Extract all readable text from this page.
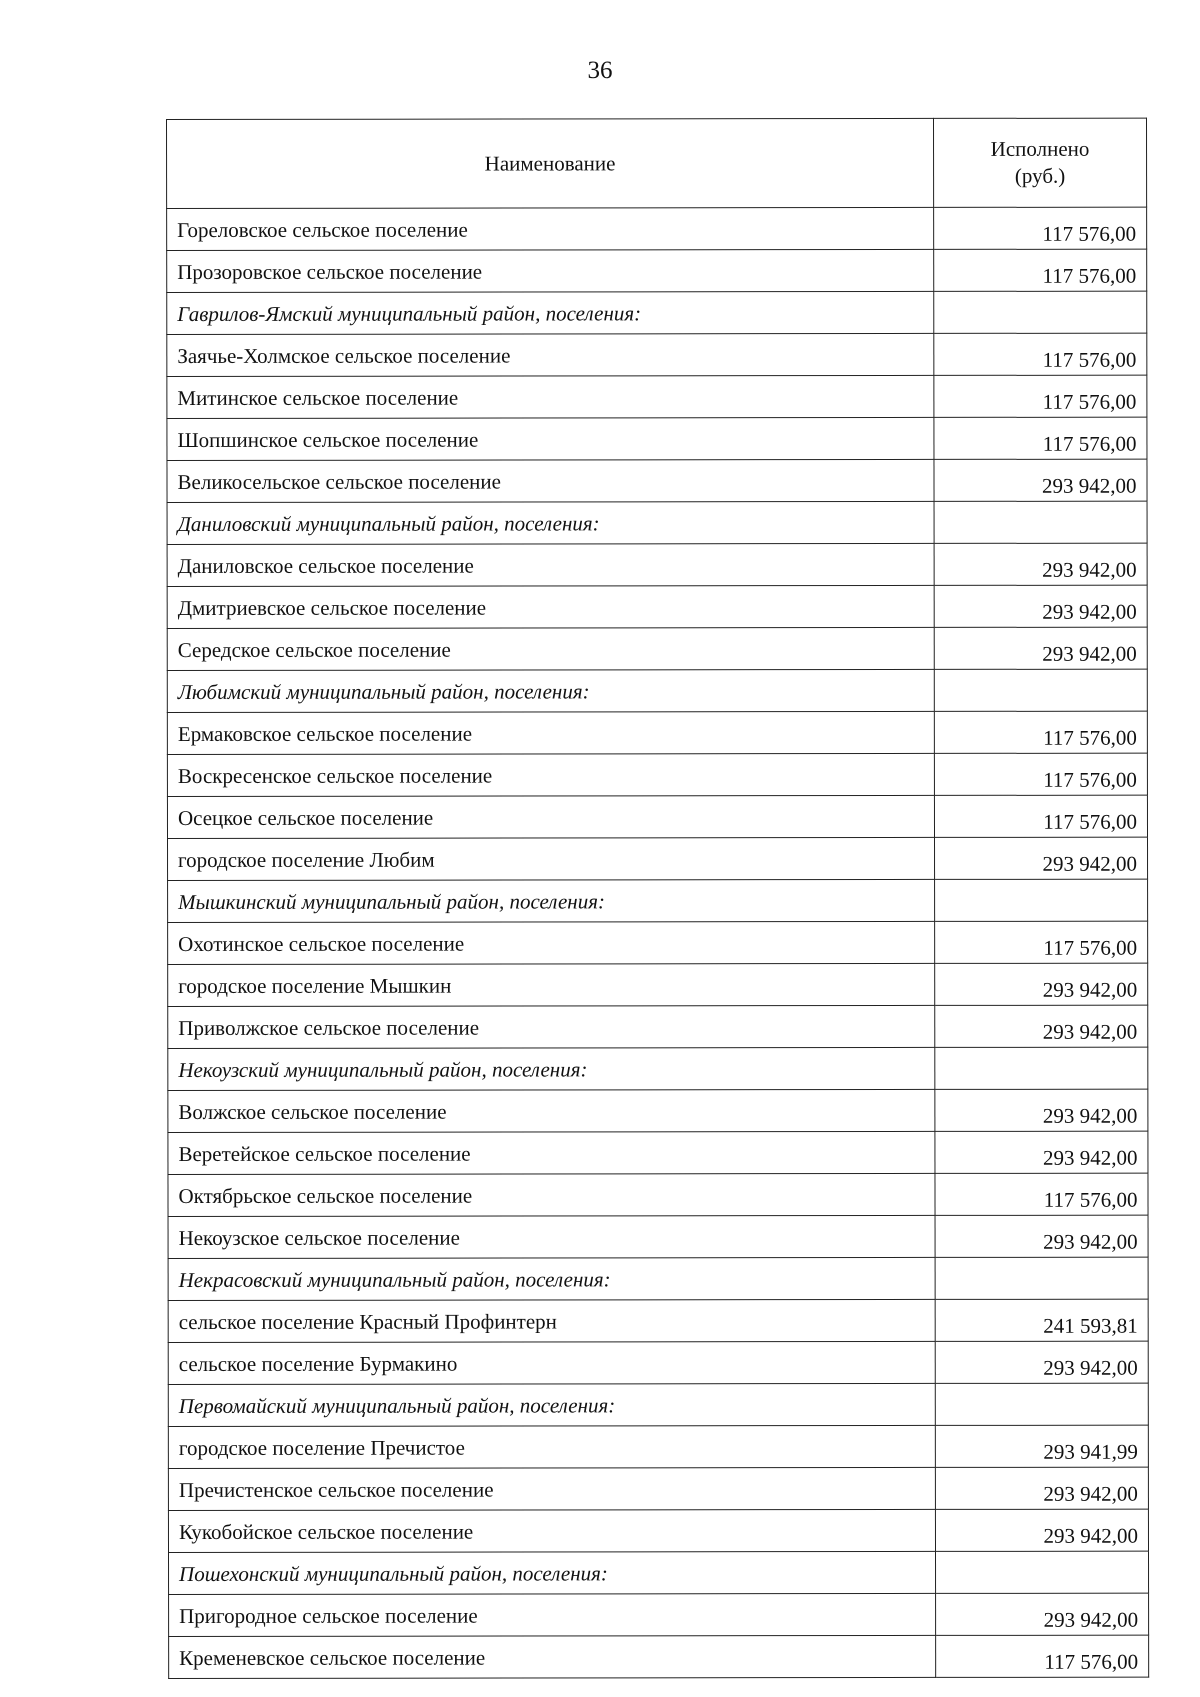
36
Наименование	Исполнено
(руб.)

Гореловское сельское поселение	117 576,00
Прозоровское сельское поселение	117 576,00
Гаврилов-Ямский муниципальный район, поселения:	
Заячье-Холмское сельское поселение	117 576,00
Митинское сельское поселение	117 576,00
Шопшинское сельское поселение	117 576,00
Великосельское сельское поселение	293 942,00
Даниловский муниципальный район, поселения:	
Даниловское сельское поселение	293 942,00
Дмитриевское сельское поселение	293 942,00
Середское сельское поселение	293 942,00
Любимский муниципальный район, поселения:	
Ермаковское сельское поселение	117 576,00
Воскресенское сельское поселение	117 576,00
Осецкое сельское поселение	117 576,00
городское поселение Любим	293 942,00
Мышкинский муниципальный район, поселения:	
Охотинское сельское поселение	117 576,00
городское поселение Мышкин	293 942,00
Приволжское сельское поселение	293 942,00
Некоузский муниципальный район, поселения:	
Волжское сельское поселение	293 942,00
Веретейское сельское поселение	293 942,00
Октябрьское сельское поселение	117 576,00
Некоузское сельское поселение	293 942,00
Некрасовский муниципальный район, поселения:	
сельское поселение Красный Профинтерн	241 593,81
сельское поселение Бурмакино	293 942,00
Первомайский муниципальный район, поселения:	
городское поселение Пречистое	293 941,99
Пречистенское сельское поселение	293 942,00
Кукобойское сельское поселение	293 942,00
Пошехонский муниципальный район, поселения:	
Пригородное сельское поселение	293 942,00
Кременевское сельское поселение	117 576,00
